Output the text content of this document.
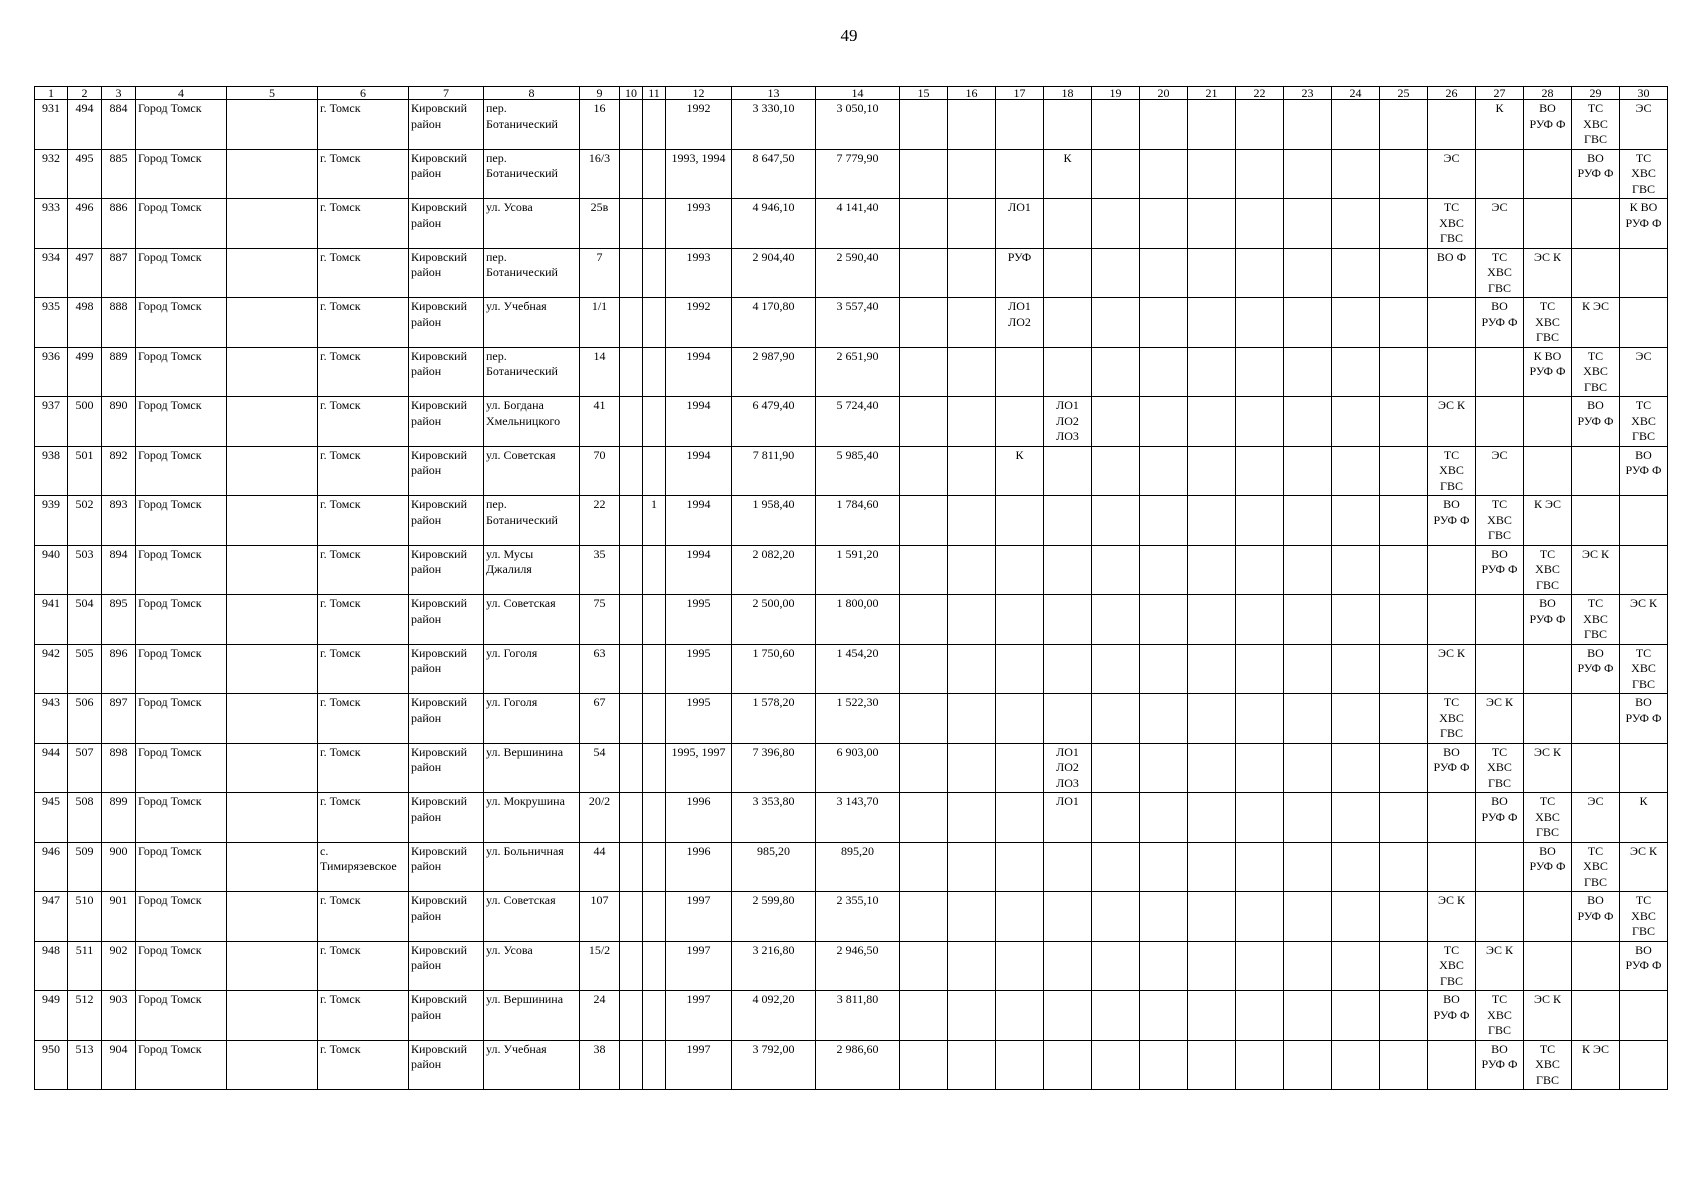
49
1	2	3	4	5	6	7	8	9	10	11	12	13	14	15	16	17	18	19	20	21	22	23	24	25	26	27	28	29	30
931	494	884	Город Томск		г. Томск	Кировский район	пер. Ботанический	16			1992	3 330,10	3 050,10													К	ВО
РУФ Ф	ТС
ХВС
ГВС	ЭС
932	495	885	Город Томск		г. Томск	Кировский район	пер. Ботанический	16/3			1993, 1994	8 647,50	7 779,90				К								ЭС			ВО
РУФ Ф	ТС
ХВС
ГВС
933	496	886	Город Томск		г. Томск	Кировский район	ул. Усова	25в			1993	4 946,10	4 141,40			ЛО1									ТС
ХВС
ГВС	ЭС			К ВО
РУФ Ф
934	497	887	Город Томск		г. Томск	Кировский район	пер. Ботанический	7			1993	2 904,40	2 590,40			РУФ									ВО Ф	ТС
ХВС
ГВС	ЭС К		
935	498	888	Город Томск		г. Томск	Кировский район	ул. Учебная	1/1			1992	4 170,80	3 557,40			ЛО1
ЛО2										ВО
РУФ Ф	ТС
ХВС
ГВС	К ЭС	
936	499	889	Город Томск		г. Томск	Кировский район	пер. Ботанический	14			1994	2 987,90	2 651,90														К ВО
РУФ Ф	ТС
ХВС
ГВС	ЭС
937	500	890	Город Томск		г. Томск	Кировский район	ул. Богдана Хмельницкого	41			1994	6 479,40	5 724,40				ЛО1
ЛО2
ЛО3								ЭС К			ВО
РУФ Ф	ТС
ХВС
ГВС
938	501	892	Город Томск		г. Томск	Кировский район	ул. Советская	70			1994	7 811,90	5 985,40			К									ТС
ХВС
ГВС	ЭС			ВО
РУФ Ф
939	502	893	Город Томск		г. Томск	Кировский район	пер. Ботанический	22		1	1994	1 958,40	1 784,60												ВО
РУФ Ф	ТС
ХВС
ГВС	К ЭС		
940	503	894	Город Томск		г. Томск	Кировский район	ул. Мусы Джалиля	35			1994	2 082,20	1 591,20													ВО
РУФ Ф	ТС
ХВС
ГВС	ЭС К	
941	504	895	Город Томск		г. Томск	Кировский район	ул. Советская	75			1995	2 500,00	1 800,00														ВО
РУФ Ф	ТС
ХВС
ГВС	ЭС К
942	505	896	Город Томск		г. Томск	Кировский район	ул. Гоголя	63			1995	1 750,60	1 454,20												ЭС К			ВО
РУФ Ф	ТС
ХВС
ГВС
943	506	897	Город Томск		г. Томск	Кировский район	ул. Гоголя	67			1995	1 578,20	1 522,30												ТС
ХВС
ГВС	ЭС К			ВО
РУФ Ф
944	507	898	Город Томск		г. Томск	Кировский район	ул. Вершинина	54			1995, 1997	7 396,80	6 903,00				ЛО1
ЛО2
ЛО3								ВО
РУФ Ф	ТС
ХВС
ГВС	ЭС К		
945	508	899	Город Томск		г. Томск	Кировский район	ул. Мокрушина	20/2			1996	3 353,80	3 143,70				ЛО1									ВО
РУФ Ф	ТС
ХВС
ГВС	ЭС	К
946	509	900	Город Томск		с. Тимирязевское	Кировский район	ул. Больничная	44			1996	985,20	895,20														ВО
РУФ Ф	ТС
ХВС
ГВС	ЭС К
947	510	901	Город Томск		г. Томск	Кировский район	ул. Советская	107			1997	2 599,80	2 355,10												ЭС К			ВО
РУФ Ф	ТС
ХВС
ГВС
948	511	902	Город Томск		г. Томск	Кировский район	ул. Усова	15/2			1997	3 216,80	2 946,50												ТС
ХВС
ГВС	ЭС К			ВО
РУФ Ф
949	512	903	Город Томск		г. Томск	Кировский район	ул. Вершинина	24			1997	4 092,20	3 811,80												ВО
РУФ Ф	ТС
ХВС
ГВС	ЭС К		
950	513	904	Город Томск		г. Томск	Кировский район	ул. Учебная	38			1997	3 792,00	2 986,60													ВО
РУФ Ф	ТС
ХВС
ГВС	К ЭС	
